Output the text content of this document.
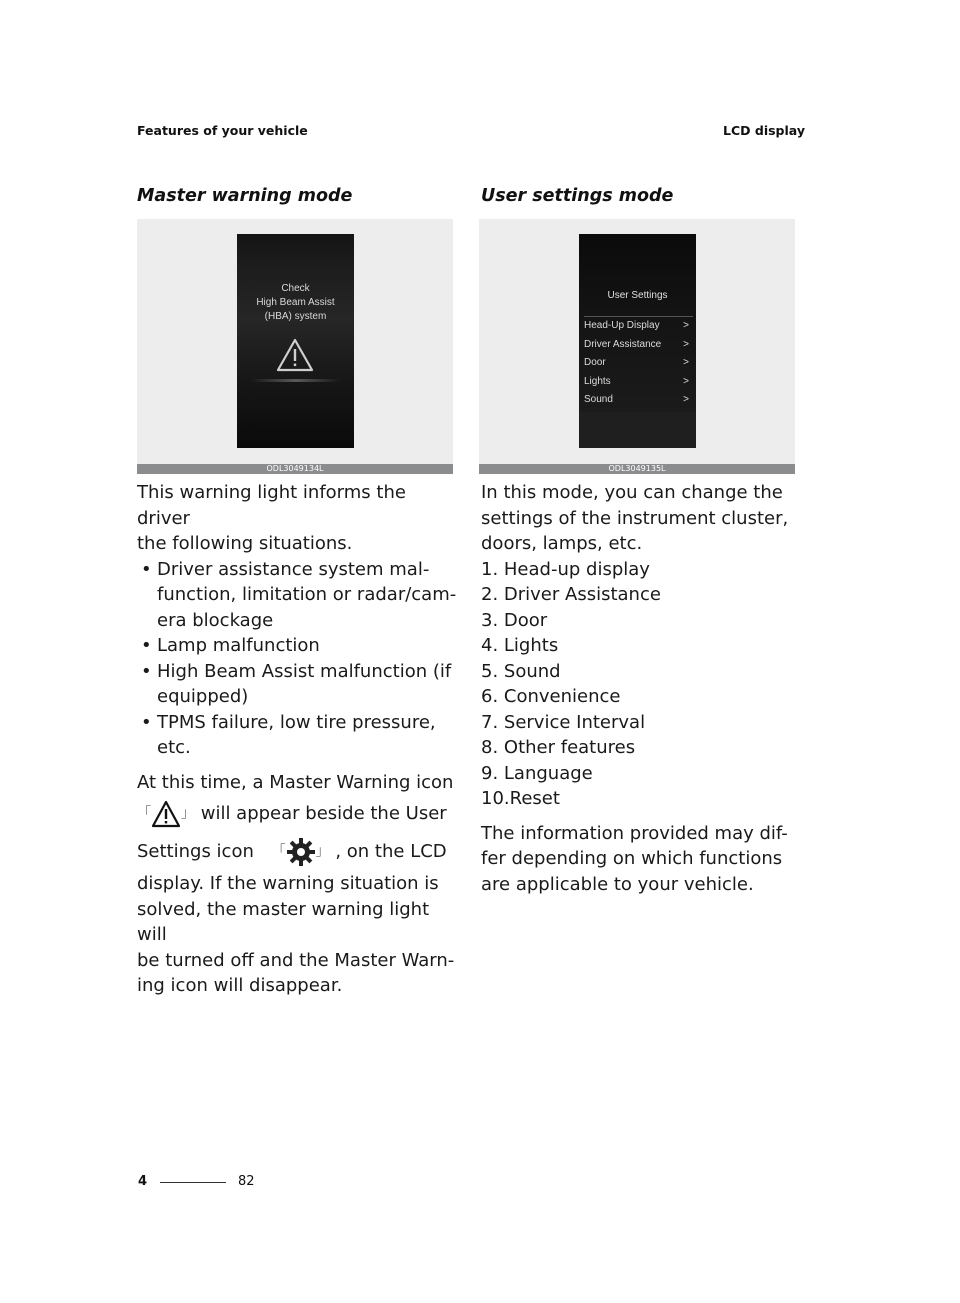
Features of your vehicle	LCD display
Master warning mode	User settings mode
Check
High Beam Assist
(HBA) system
ODL3049134L
User Settings
Head-Up Display >
Driver Assistance >
Door	>
Lights	>
Sound	>
ODL3049135L

This warning light informs the driver

the following situations.

• Driver assistance system mal-
function, limitation or radar/cam-
era blockage
• Lamp malfunction
• High Beam Assist malfunction (if
equipped)
• TPMS failure, low tire pressure,
etc.

At this time, a Master Warning icon

「 」 will appear beside the User

Settings icon 「 」 , on the LCD

display. If the warning situation is

solved, the master warning light will

be turned off and the Master Warn-

ing icon will disappear.

In this mode, you can change the

settings of the instrument cluster,

doors, lamps, etc.

1. Head-up display

2. Driver Assistance

3. Door

4. Lights

5. Sound

6. Convenience

7. Service Interval

8. Other features

9. Language

10.Reset

The information provided may dif-

fer depending on which functions

are applicable to your vehicle.

4	82
